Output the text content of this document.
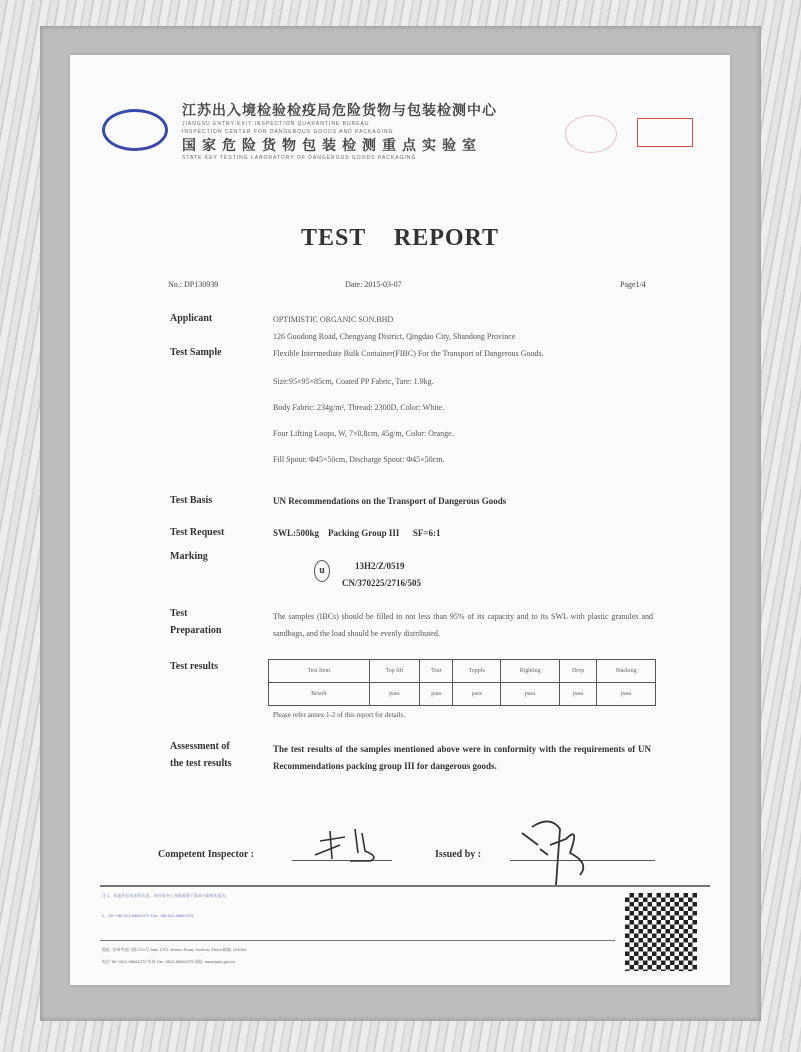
江苏出入境检验检疫局危险货物与包装检测中心
JIANGSU ENTRY-EXIT INSPECTION QUARANTINE BUREAU
INSPECTION CENTER FOR DANGEROUS GOODS AND PACKAGING
国家危险货物包装检测重点实验室
STATE KEY TESTING LABORATORY OF DANGEROUS GOODS PACKAGING
TEST    REPORT
No.: DP130939	Date: 2015-03-07	Page1/4
Applicant	OPTIMISTIC ORGANIC SON.BHD
126 Guodong Road, Chengyang District, Qingdao City, Shandong Province
Test Sample	Flexible Intermediate Bulk Container(FIBC) For the Transport of Dangerous Goods.
Size:95×95×85cm, Coated PP Fabric, Tare: 1.9kg.
Body Fabric: 234g/m², Thread: 2300D, Color: White.
Four Lifting Loops, W, 7×0.8cm, 45g/m, Color: Orange.
Fill Spout: Φ45×50cm, Discharge Spout: Φ45×50cm.
Test Basis	UN Recommendations on the Transport of Dangerous Goods
Test Request	SWL:500kg    Packing Group III      SF=6:1
Marking
u	13H2/Z/0519
CN/370225/2716/505
Test
Preparation
The samples (IBCs) should be filled to not less than 95% of its capacity and to its SWL with plastic granules and sandbags, and the load should be evenly distributed.
Test results	Test Item	Top lift	Tear	Topple	Righting	Drop	Stacking
Result	pass	pass	pass	pass	pass	pass
Please refer annex 1-2 of this report for details.
Assessment of
the test results
The test results of the samples mentioned above were in conformity with the requirements of UN Recommendations packing group III for dangerous goods.
Competent Inspector :	Issued by :
注 1、本报告仅对来样负责，未经本中心书面批准不得部分复制本报告。
2、Tel: +86-512-68661372 Fax: +86-512-68661375
地址: 苏州市金门路1701号 Add: 1701 Jinmen Road, Suzhou, China 邮编: 215004
电话 Tel: 0512-68661372 传真 Fax: 0512-68661375 网址: www.jsciq.gov.cn
